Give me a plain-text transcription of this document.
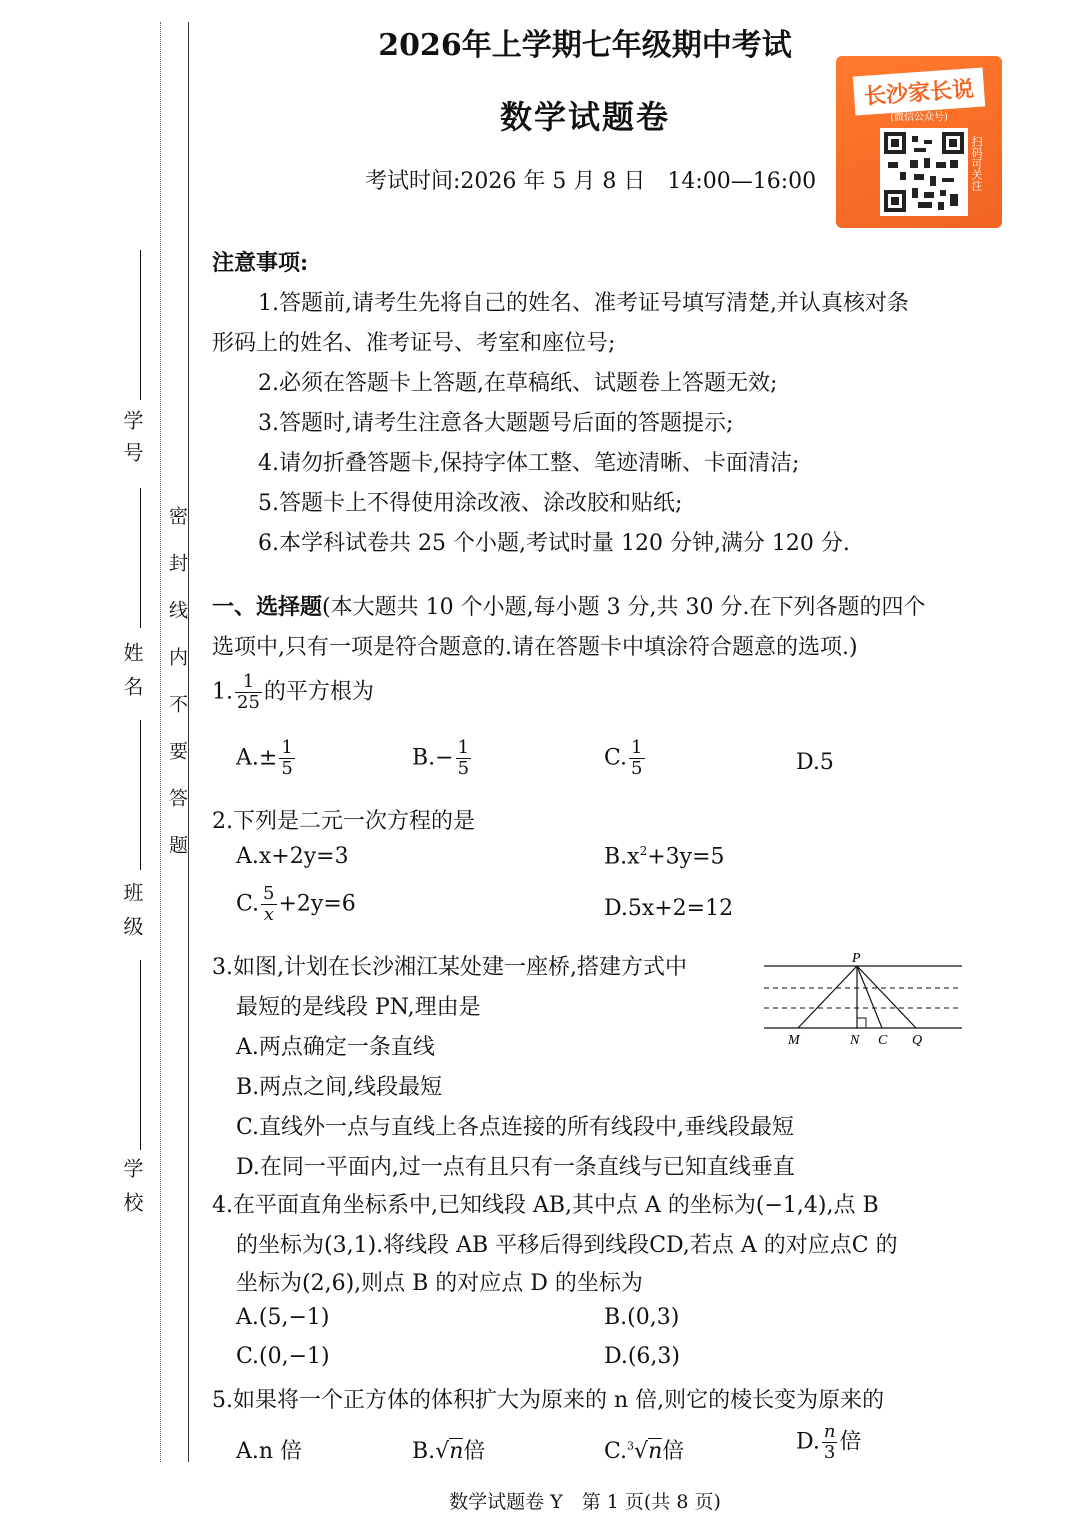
学号
姓名
班级
学校
密封线内不要答题
2026年上学期七年级期中考试
数学试题卷
考试时间:2026 年 5 月 8 日　14:00—16:00
长沙家长说
(微信公众号)
扫码可关注
注意事项:
1.答题前,请考生先将自己的姓名、准考证号填写清楚,并认真核对条
形码上的姓名、准考证号、考室和座位号;
2.必须在答题卡上答题,在草稿纸、试题卷上答题无效;
3.答题时,请考生注意各大题题号后面的答题提示;
4.请勿折叠答题卡,保持字体工整、笔迹清晰、卡面清洁;
5.答题卡上不得使用涂改液、涂改胶和贴纸;
6.本学科试卷共 25 个小题,考试时量 120 分钟,满分 120 分.
一、选择题(本大题共 10 个小题,每小题 3 分,共 30 分.在下列各题的四个
选项中,只有一项是符合题意的.请在答题卡中填涂符合题意的选项.)
1. $\frac{1}{25}$ 的平方根为
$A.\pm \frac{1}{5}$	$B.- \frac{1}{5}$	C. $\frac{1}{5}$	D.5
2.下列是二元一次方程的是
A.x+2y=3	$B.x^2+3y=5$
C. $\frac{5}{x} +2y=6$	D.5x+2=12
3.如图,计划在长沙湘江某处建一座桥,搭建方式中
最短的是线段 PN,理由是
A.两点确定一条直线
B.两点之间,线段最短
C.直线外一点与直线上各点连接的所有线段中,垂线段最短
D.在同一平面内,过一点有且只有一条直线与已知直线垂直
P
M	N C Q
4.在平面直角坐标系中,已知线段 AB,其中点 A 的坐标为(−1,4),点 B
的坐标为(3,1).将线段 AB 平移后得到线段CD,若点 A 的对应点C 的
坐标为(2,6),则点 B 的对应点 D 的坐标为
A.(5,−1)	B.(0,3)
C.(0,−1)	D.(6,3)
5.如果将一个正方体的体积扩大为原来的 n 倍,则它的棱长变为原来的
A.n 倍	B.√n倍	C.$^3$√n倍	D. $\frac{n}{3}$ 倍
数学试题卷 Y　第 1 页(共 8 页)
